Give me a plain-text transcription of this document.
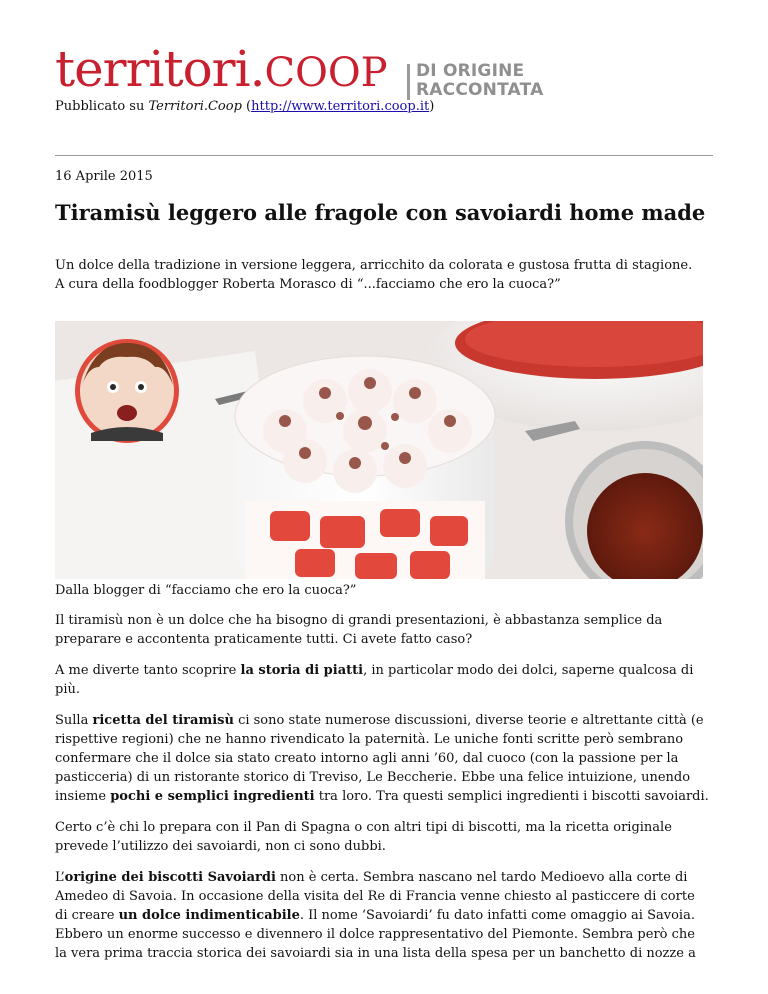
territori.COOP DI ORIGINE
RACCONTATA
Pubblicato su Territori.Coop (http://www.territori.coop.it)
16 Aprile 2015
Tiramisù leggero alle fragole con savoiardi home made

Un dolce della tradizione in versione leggera, arricchito da colorata e gustosa frutta di stagione. A cura della foodblogger Roberta Morasco di “...facciamo che ero la cuoca?”

Dalla blogger di “facciamo che ero la cuoca?”

Il tiramisù non è un dolce che ha bisogno di grandi presentazioni, è abbastanza semplice da preparare e accontenta praticamente tutti. Ci avete fatto caso?

A me diverte tanto scoprire la storia di piatti, in particolar modo dei dolci, saperne qualcosa di più.

Sulla ricetta del tiramisù ci sono state numerose discussioni, diverse teorie e altrettante città (e rispettive regioni) che ne hanno rivendicato la paternità. Le uniche fonti scritte però sembrano confermare che il dolce sia stato creato intorno agli anni ’60, dal cuoco (con la passione per la pasticceria) di un ristorante storico di Treviso, Le Beccherie. Ebbe una felice intuizione, unendo insieme pochi e semplici ingredienti tra loro. Tra questi semplici ingredienti i biscotti savoiardi.

Certo c’è chi lo prepara con il Pan di Spagna o con altri tipi di biscotti, ma la ricetta originale prevede l’utilizzo dei savoiardi, non ci sono dubbi.

L’origine dei biscotti Savoiardi non è certa. Sembra nascano nel tardo Medioevo alla corte di Amedeo di Savoia. In occasione della visita del Re di Francia venne chiesto al pasticcere di corte di creare un dolce indimenticabile. Il nome ‘Savoiardi’ fu dato infatti come omaggio ai Savoia. Ebbero un enorme successo e divennero il dolce rappresentativo del Piemonte. Sembra però che la vera prima traccia storica dei savoiardi sia in una lista della spesa per un banchetto di nozze a
